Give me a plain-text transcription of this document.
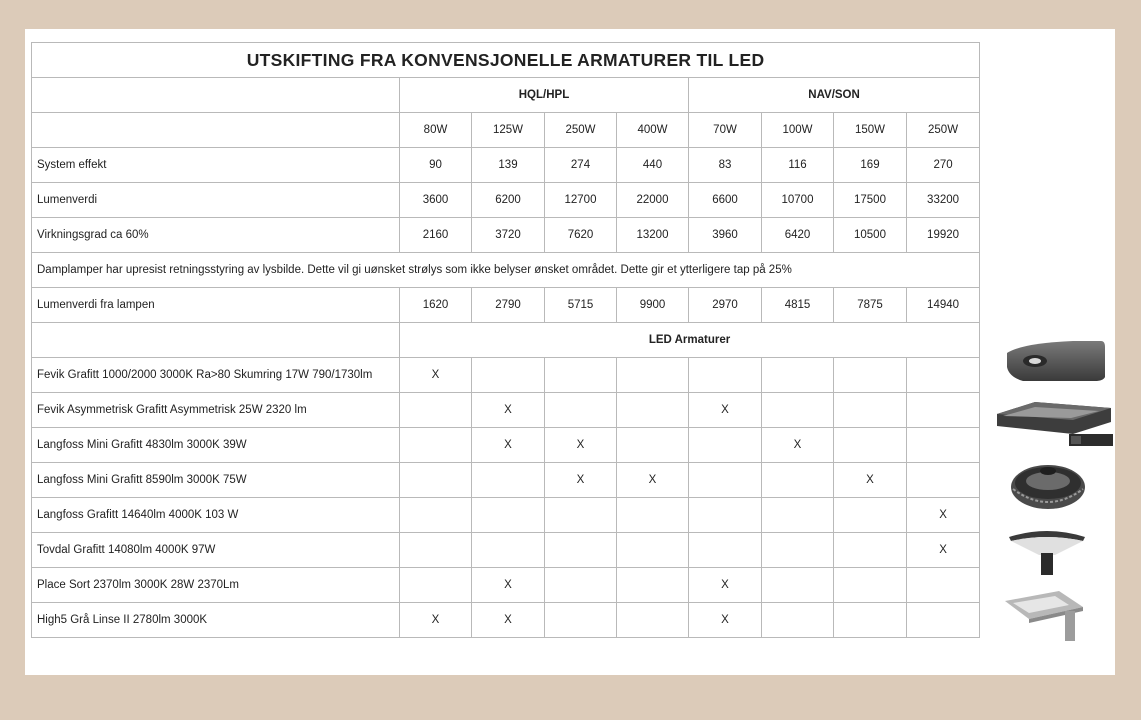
UTSKIFTING FRA KONVENSJONELLE ARMATURER TIL LED								
	HQL/HPL				NAV/SON			
	80W	125W	250W	400W	70W	100W	150W	250W
System effekt	90	139	274	440	83	116	169	270
Lumenverdi	3600	6200	12700	22000	6600	10700	17500	33200
Virkningsgrad ca 60%	2160	3720	7620	13200	3960	6420	10500	19920
Damplamper har upresist retningsstyring av lysbilde. Dette vil gi uønsket strølys som ikke belyser ønsket området. Dette gir et ytterligere tap på 25%								
Lumenverdi fra lampen	1620	2790	5715	9900	2970	4815	7875	14940
	LED Armaturer							
Fevik Grafitt 1000/2000 3000K Ra>80 Skumring 17W 790/1730lm	X							
Fevik Asymmetrisk Grafitt Asymmetrisk 25W 2320 lm		X			X			
Langfoss Mini Grafitt 4830lm 3000K 39W		X	X			X		
Langfoss Mini Grafitt 8590lm 3000K 75W			X	X			X	
Langfoss Grafitt 14640lm 4000K 103 W								X
Tovdal Grafitt 14080lm 4000K 97W								X
Place Sort 2370lm 3000K 28W 2370Lm		X			X			
High5 Grå Linse II 2780lm 3000K	X	X			X			
